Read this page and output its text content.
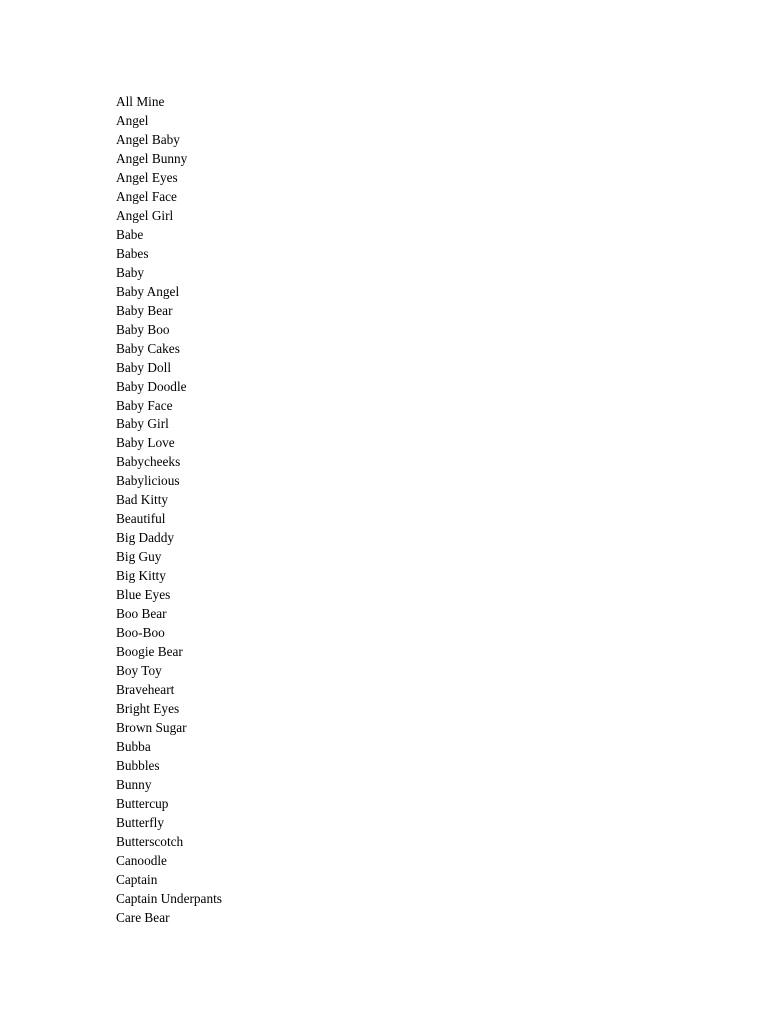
All Mine
Angel
Angel Baby
Angel Bunny
Angel Eyes
Angel Face
Angel Girl
Babe
Babes
Baby
Baby Angel
Baby Bear
Baby Boo
Baby Cakes
Baby Doll
Baby Doodle
Baby Face
Baby Girl
Baby Love
Babycheeks
Babylicious
Bad Kitty
Beautiful
Big Daddy
Big Guy
Big Kitty
Blue Eyes
Boo Bear
Boo-Boo
Boogie Bear
Boy Toy
Braveheart
Bright Eyes
Brown Sugar
Bubba
Bubbles
Bunny
Buttercup
Butterfly
Butterscotch
Canoodle
Captain
Captain Underpants
Care Bear
